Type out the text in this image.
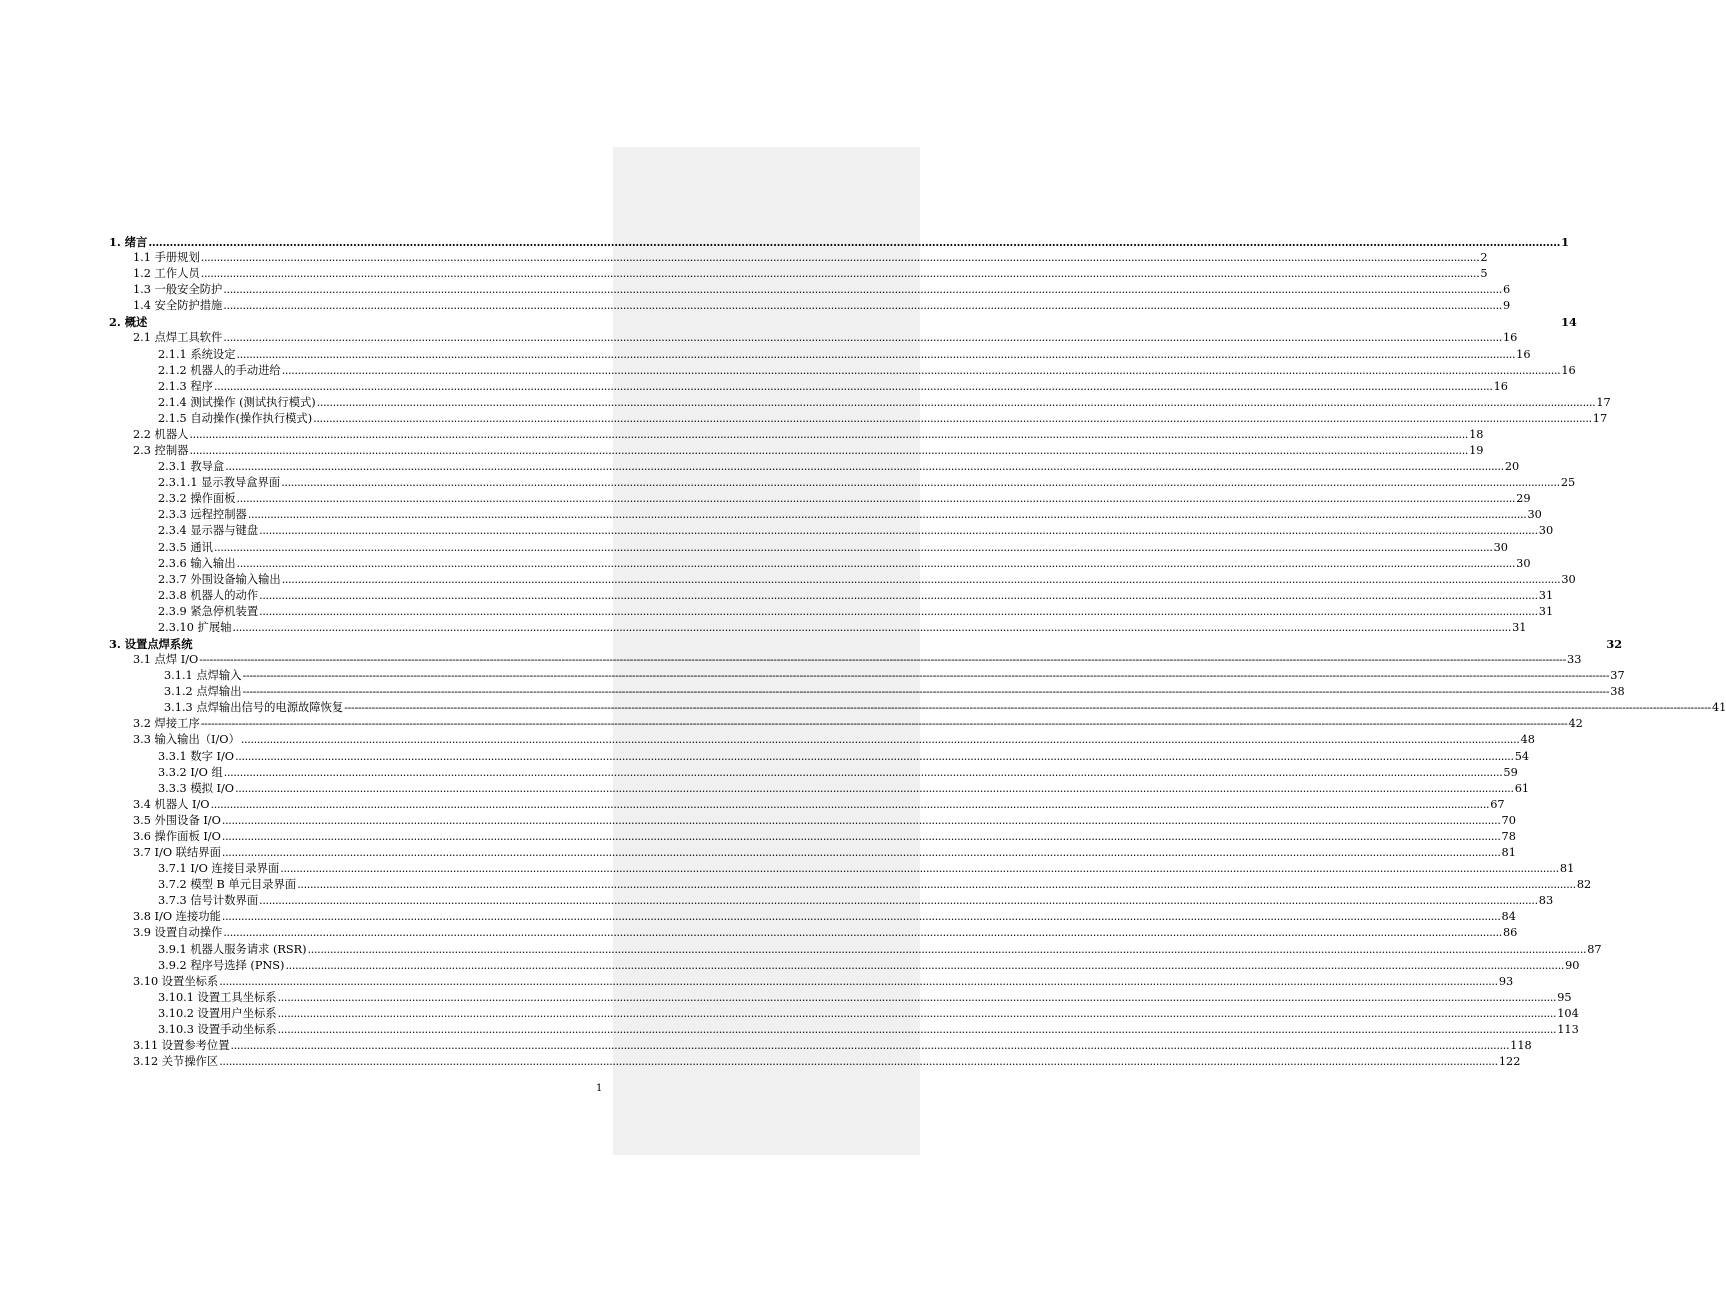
1. 绪言 ................................................................................................................................................................................................................................................................................................................................................................................................................ 1
1.1 手册规划 ................................................................................................................................................................................................................................................................................................................................................................................................................ 2
1.2 工作人员 ................................................................................................................................................................................................................................................................................................................................................................................................................ 5
1.3 一般安全防护 ................................................................................................................................................................................................................................................................................................................................................................................................................ 6
1.4 安全防护措施 ................................................................................................................................................................................................................................................................................................................................................................................................................ 9
2. 概述	14
2.1 点焊工具软件 ................................................................................................................................................................................................................................................................................................................................................................................................................ 16
2.1.1 系统设定 ................................................................................................................................................................................................................................................................................................................................................................................................................ 16
2.1.2 机器人的手动进给 ................................................................................................................................................................................................................................................................................................................................................................................................................ 16
2.1.3 程序 ................................................................................................................................................................................................................................................................................................................................................................................................................ 16
2.1.4 测试操作 (测试执行模式) ................................................................................................................................................................................................................................................................................................................................................................................................................ 17
2.1.5 自动操作(操作执行模式) ................................................................................................................................................................................................................................................................................................................................................................................................................ 17
2.2 机器人 ................................................................................................................................................................................................................................................................................................................................................................................................................ 18
2.3 控制器 ................................................................................................................................................................................................................................................................................................................................................................................................................ 19
2.3.1 教导盒 ................................................................................................................................................................................................................................................................................................................................................................................................................ 20
2.3.1.1 显示教导盒界面 ................................................................................................................................................................................................................................................................................................................................................................................................................ 25
2.3.2 操作面板 ................................................................................................................................................................................................................................................................................................................................................................................................................ 29
2.3.3 远程控制器 ................................................................................................................................................................................................................................................................................................................................................................................................................ 30
2.3.4 显示器与键盘 ................................................................................................................................................................................................................................................................................................................................................................................................................ 30
2.3.5 通讯 ................................................................................................................................................................................................................................................................................................................................................................................................................ 30
2.3.6 输入输出 ................................................................................................................................................................................................................................................................................................................................................................................................................ 30
2.3.7 外围设备输入输出 ................................................................................................................................................................................................................................................................................................................................................................................................................ 30
2.3.8 机器人的动作 ................................................................................................................................................................................................................................................................................................................................................................................................................ 31
2.3.9 紧急停机装置 ................................................................................................................................................................................................................................................................................................................................................................................................................ 31
2.3.10 扩展轴 ................................................................................................................................................................................................................................................................................................................................................................................................................ 31
3. 设置点焊系统	32
3.1 点焊 I/O ---------------------------------------------------------------------------------------------------------------------------------------------------------------------------------------------------------------------------------------------------------------------------------------------------------------------------------------------------------------------------------------------------------------- 33
3.1.1 点焊输入 ---------------------------------------------------------------------------------------------------------------------------------------------------------------------------------------------------------------------------------------------------------------------------------------------------------------------------------------------------------------------------------------------------------------- 37
3.1.2 点焊输出 ---------------------------------------------------------------------------------------------------------------------------------------------------------------------------------------------------------------------------------------------------------------------------------------------------------------------------------------------------------------------------------------------------------------- 38
3.1.3 点焊输出信号的电源故障恢复 ---------------------------------------------------------------------------------------------------------------------------------------------------------------------------------------------------------------------------------------------------------------------------------------------------------------------------------------------------------------------------------------------------------------- 41
3.2 焊接工序 ---------------------------------------------------------------------------------------------------------------------------------------------------------------------------------------------------------------------------------------------------------------------------------------------------------------------------------------------------------------------------------------------------------------- 42
3.3 输入输出（I/O） ................................................................................................................................................................................................................................................................................................................................................................................................................ 48
3.3.1 数字 I/O ................................................................................................................................................................................................................................................................................................................................................................................................................ 54
3.3.2 I/O 组 ................................................................................................................................................................................................................................................................................................................................................................................................................ 59
3.3.3 模拟 I/O ................................................................................................................................................................................................................................................................................................................................................................................................................ 61
3.4 机器人 I/O ................................................................................................................................................................................................................................................................................................................................................................................................................ 67
3.5 外围设备 I/O ................................................................................................................................................................................................................................................................................................................................................................................................................ 70
3.6 操作面板 I/O ................................................................................................................................................................................................................................................................................................................................................................................................................ 78
3.7 I/O 联结界面 ................................................................................................................................................................................................................................................................................................................................................................................................................ 81
3.7.1 I/O 连接目录界面 ................................................................................................................................................................................................................................................................................................................................................................................................................ 81
3.7.2 模型 B 单元目录界面 ................................................................................................................................................................................................................................................................................................................................................................................................................ 82
3.7.3 信号计数界面 ................................................................................................................................................................................................................................................................................................................................................................................................................ 83
3.8 I/O 连接功能 ................................................................................................................................................................................................................................................................................................................................................................................................................ 84
3.9 设置自动操作 ................................................................................................................................................................................................................................................................................................................................................................................................................ 86
3.9.1 机器人服务请求 (RSR) ................................................................................................................................................................................................................................................................................................................................................................................................................ 87
3.9.2 程序号选择 (PNS) ................................................................................................................................................................................................................................................................................................................................................................................................................ 90
3.10 设置坐标系 ................................................................................................................................................................................................................................................................................................................................................................................................................ 93
3.10.1 设置工具坐标系 ................................................................................................................................................................................................................................................................................................................................................................................................................ 95
3.10.2 设置用户坐标系 ................................................................................................................................................................................................................................................................................................................................................................................................................ 104
3.10.3 设置手动坐标系 ................................................................................................................................................................................................................................................................................................................................................................................................................ 113
3.11 设置参考位置 ................................................................................................................................................................................................................................................................................................................................................................................................................ 118
3.12 关节操作区 ................................................................................................................................................................................................................................................................................................................................................................................................................ 122
1
